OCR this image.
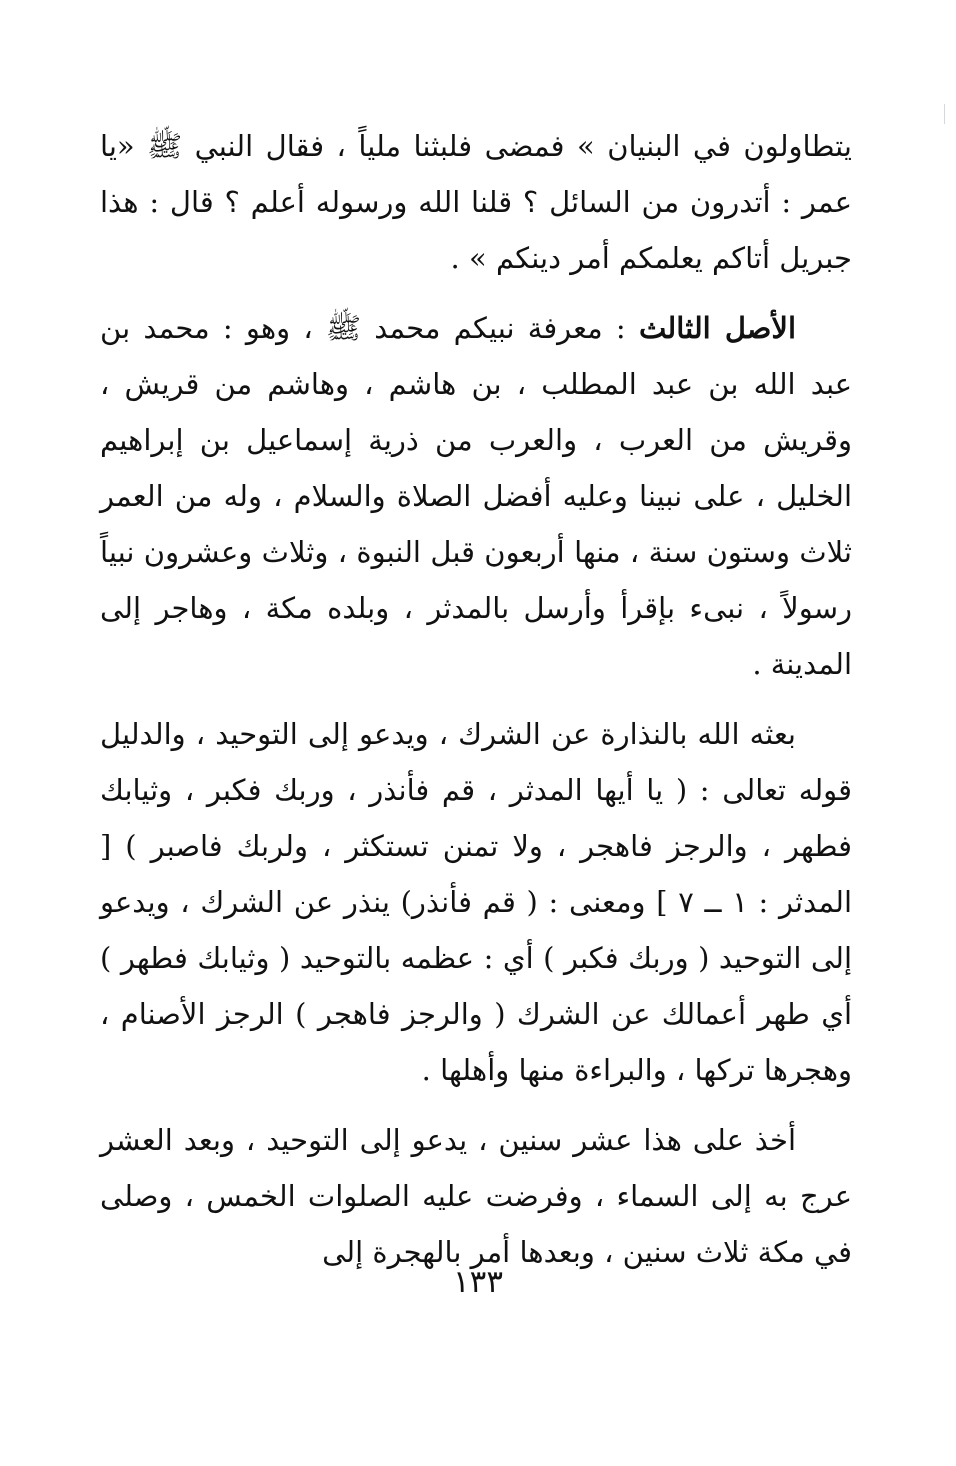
يتطاولون في البنيان » فمضى فلبثنا ملياً ، فقال النبي ﷺ «يا عمر : أتدرون من السائل ؟ قلنا الله ورسوله أعلم ؟ قال : هذا جبريل أتاكم يعلمكم أمر دينكم » .

الأصل الثالث : معرفة نبيكم محمد ﷺ ، وهو : محمد بن عبد الله بن عبد المطلب ، بن هاشم ، وهاشم من قريش ، وقريش من العرب ، والعرب من ذرية إسماعيل بن إبراهيم الخليل ، على نبينا وعليه أفضل الصلاة والسلام ، وله من العمر ثلاث وستون سنة ، منها أربعون قبل النبوة ، وثلاث وعشرون نبياً رسولاً ، نبىء بإقرأ وأرسل بالمدثر ، وبلده مكة ، وهاجر إلى المدينة .

بعثه الله بالنذارة عن الشرك ، ويدعو إلى التوحيد ، والدليل قوله تعالى : ( يا أيها المدثر ، قم فأنذر ، وربك فكبر ، وثيابك فطهر ، والرجز فاهجر ، ولا تمنن تستكثر ، ولربك فاصبر ) [ المدثر : ١ ــ ٧ ] ومعنى : ( قم فأنذر) ينذر عن الشرك ، ويدعو إلى التوحيد ( وربك فكبر ) أي : عظمه بالتوحيد ( وثيابك فطهر ) أي طهر أعمالك عن الشرك ( والرجز فاهجر ) الرجز الأصنام ، وهجرها تركها ، والبراءة منها وأهلها .

أخذ على هذا عشر سنين ، يدعو إلى التوحيد ، وبعد العشر عرج به إلى السماء ، وفرضت عليه الصلوات الخمس ، وصلى في مكة ثلاث سنين ، وبعدها أمر بالهجرة إلى

١٣٣
